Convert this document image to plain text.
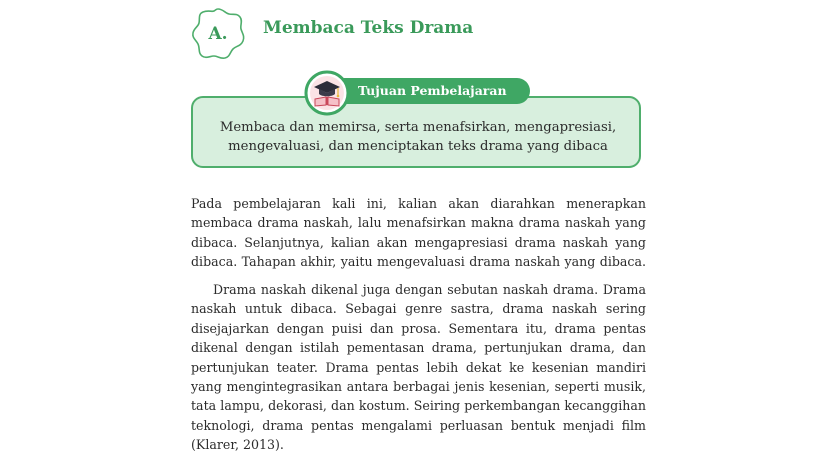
A.	Membaca Teks Drama
Membaca dan memirsa, serta menafsirkan, mengapresiasi,
mengevaluasi, dan menciptakan teks drama yang dibaca
Tujuan Pembelajaran
Pada pembelajaran kali ini, kalian akan diarahkan menerapkan
membaca drama naskah, lalu menafsirkan makna drama naskah yang
dibaca. Selanjutnya, kalian akan mengapresiasi drama naskah yang
dibaca. Tahapan akhir, yaitu mengevaluasi drama naskah yang dibaca.
Drama naskah dikenal juga dengan sebutan naskah drama. Drama
naskah untuk dibaca. Sebagai genre sastra, drama naskah sering
disejajarkan dengan puisi dan prosa. Sementara itu, drama pentas
dikenal dengan istilah pementasan drama, pertunjukan drama, dan
pertunjukan teater. Drama pentas lebih dekat ke kesenian mandiri
yang mengintegrasikan antara berbagai jenis kesenian, seperti musik,
tata lampu, dekorasi, dan kostum. Seiring perkembangan kecanggihan
teknologi, drama pentas mengalami perluasan bentuk menjadi film
(Klarer, 2013).
